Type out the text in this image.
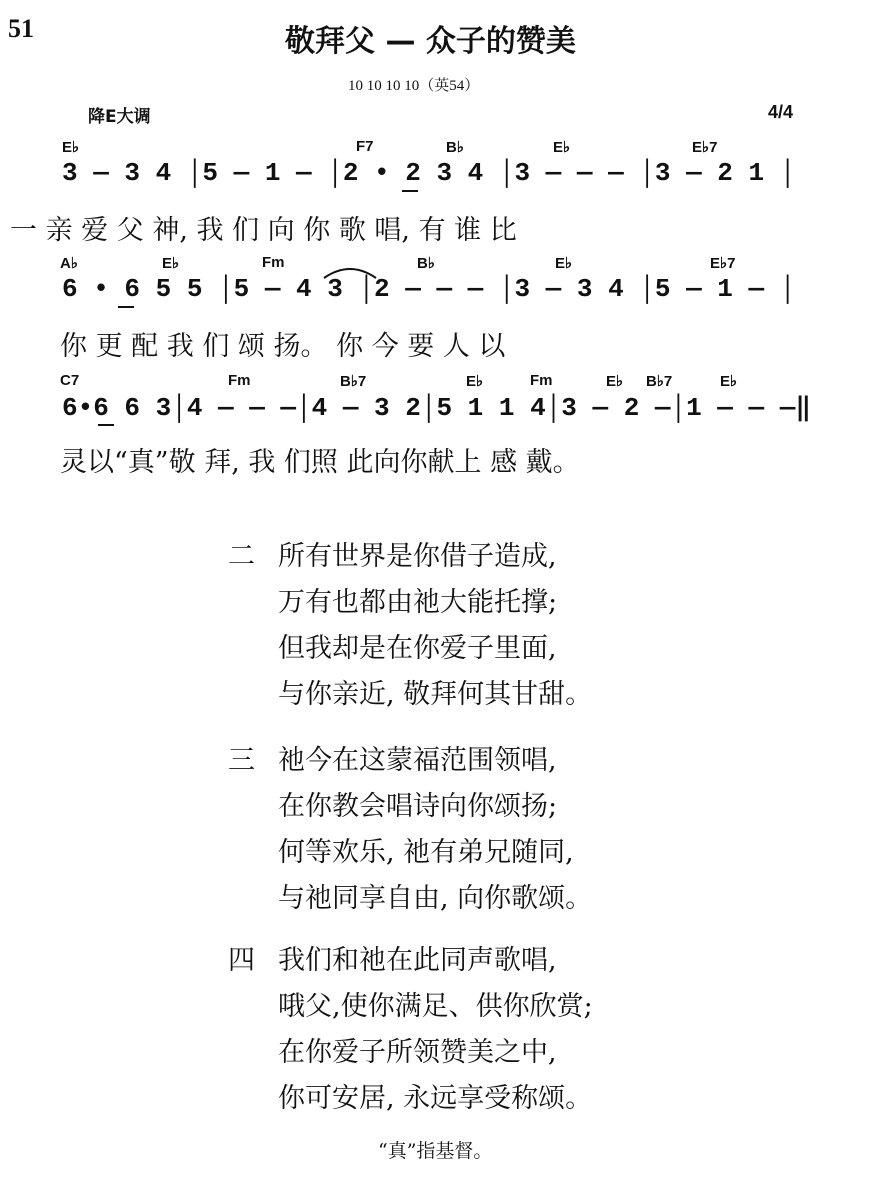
51	敬拜父 — 众子的赞美
10 10 10 10（英54）
降E大调	4/4
E♭	F7	B♭	E♭	E♭7
3 — 3 4 │5 — 1 — │2 • 2 3 4 │3 — — — │3 — 2 1 │
一 亲 爱 父 神, 我 们 向 你 歌 唱, 有 谁 比
A♭	E♭	Fm	B♭	E♭	E♭7
6 • 6 5 5 │5 — 4 3 │2 — — — │3 — 3 4 │5 — 1 — │
你 更 配 我 们 颂 扬。 你 今 要 人 以
C7	Fm	B♭7	E♭	Fm	E♭ B♭7	E♭
6•6 6 3│4 — — —│4 — 3 2│5 1 1 4│3 — 2 —│1 — — —‖
灵以“真”敬 拜, 我 们照 此向你献上 感 戴。
二 所有世界是你借子造成,
万有也都由祂大能托撑;
但我却是在你爱子里面,
与你亲近, 敬拜何其甘甜。
三 祂今在这蒙福范围领唱,
在你教会唱诗向你颂扬;
何等欢乐, 祂有弟兄随同,
与祂同享自由, 向你歌颂。
四 我们和祂在此同声歌唱,
哦父,使你满足、供你欣赏;
在你爱子所领赞美之中,
你可安居, 永远享受称颂。
“真”指基督。
